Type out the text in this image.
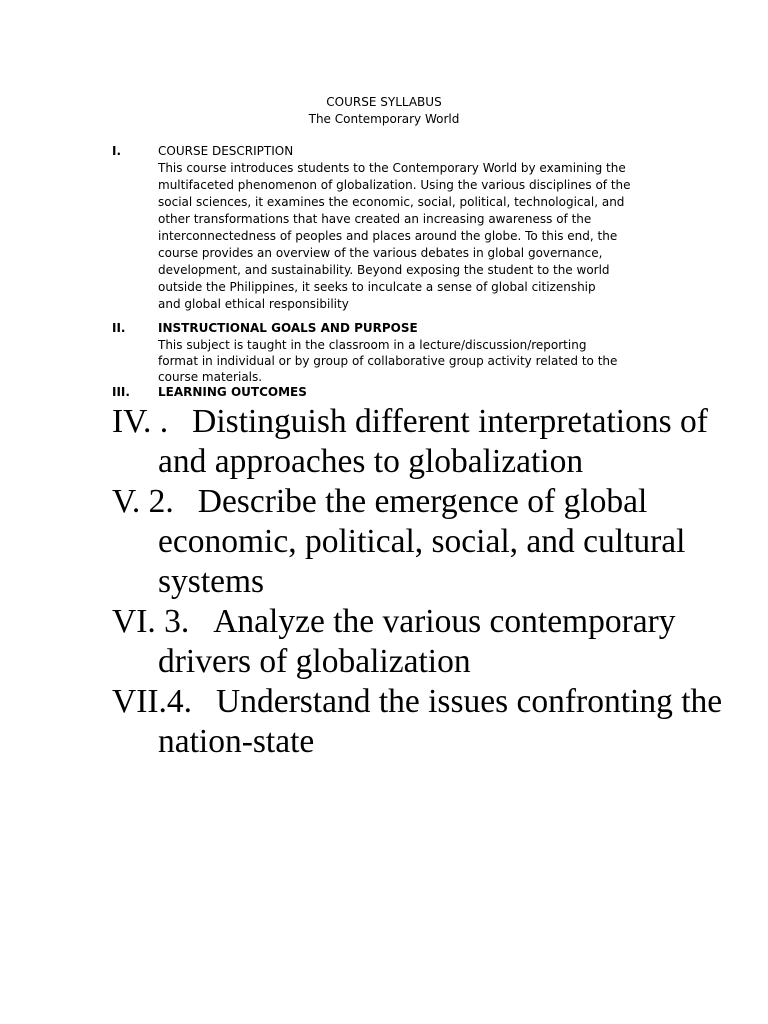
COURSE SYLLABUS
The Contemporary World
I.	COURSE DESCRIPTION
This course introduces students to the Contemporary World by examining the
multifaceted phenomenon of globalization. Using the various disciplines of the
social sciences, it examines the economic, social, political, technological, and
other transformations that have created an increasing awareness of the
interconnectedness of peoples and places around the globe. To this end, the
course provides an overview of the various debates in global governance,
development, and sustainability. Beyond exposing the student to the world
outside the Philippines, it seeks to inculcate a sense of global citizenship
and global ethical responsibility
II.	INSTRUCTIONAL GOALS AND PURPOSE
This subject is taught in the classroom in a lecture/discussion/reporting
format in individual or by group of collaborative group activity related to the
course materials.
III. LEARNING OUTCOMES

IV. . Distinguish different interpretations of and approaches to globalization

V. 2. Describe the emergence of global economic, political, social, and cultural systems

VI. 3. Analyze the various contemporary drivers of globalization

VII.4. Understand the issues confronting the nation-state
